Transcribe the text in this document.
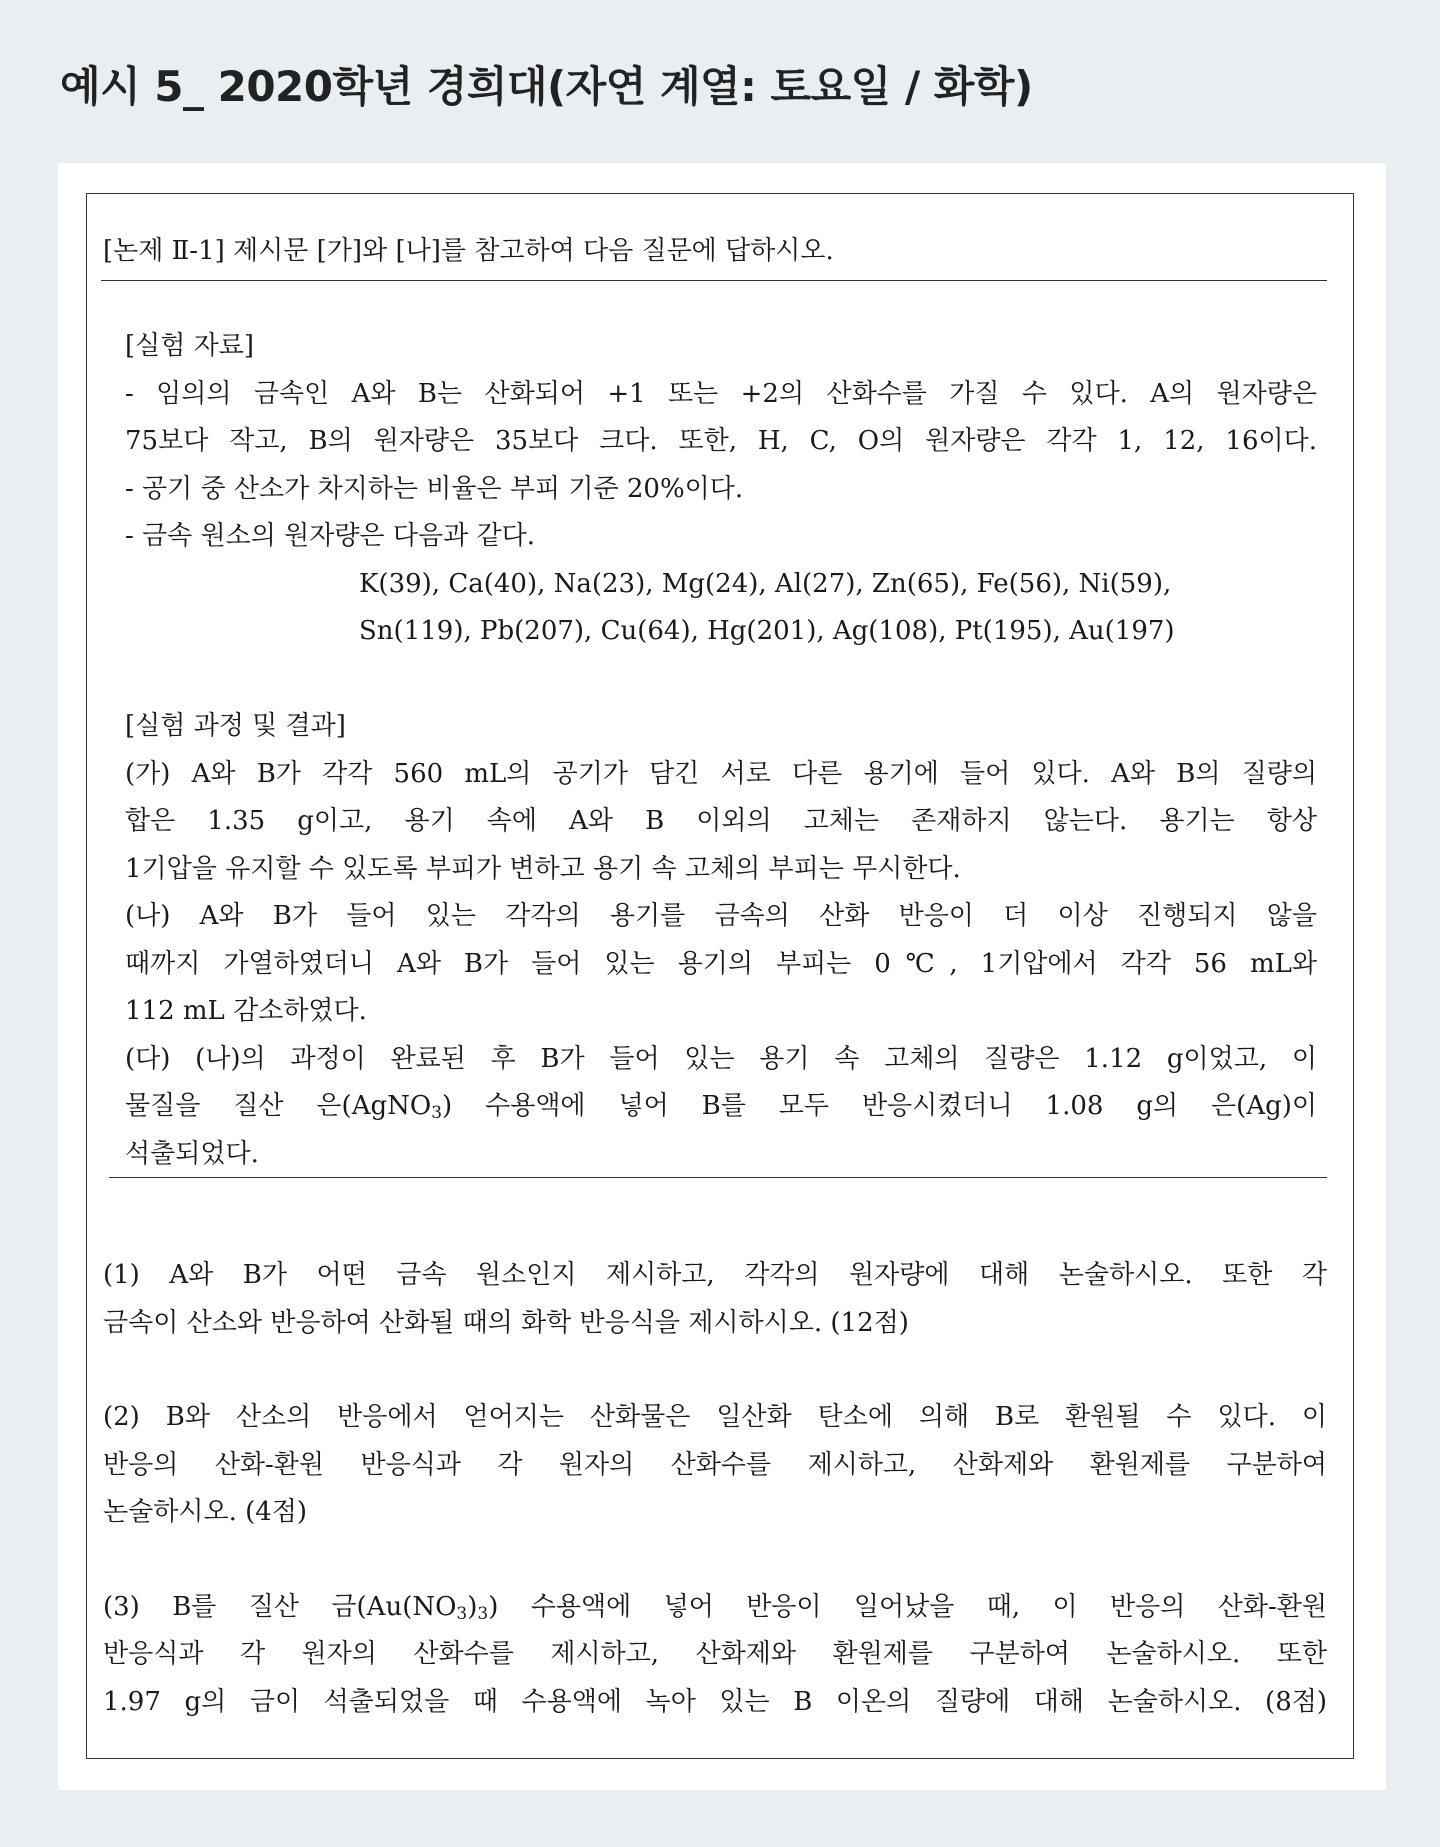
예시 5_ 2020학년 경희대(자연 계열: 토요일 / 화학)
[논제 Ⅱ-1] 제시문 [가]와 [나]를 참고하여 다음 질문에 답하시오.
[실험 자료]
- 임의의 금속인 A와 B는 산화되어 +1 또는 +2의 산화수를 가질 수 있다. A의 원자량은
75보다 작고, B의 원자량은 35보다 크다. 또한, H, C, O의 원자량은 각각 1, 12, 16이다.
- 공기 중 산소가 차지하는 비율은 부피 기준 20%이다.
- 금속 원소의 원자량은 다음과 같다.
K(39), Ca(40), Na(23), Mg(24), Al(27), Zn(65), Fe(56), Ni(59),
Sn(119), Pb(207), Cu(64), Hg(201), Ag(108), Pt(195), Au(197)
[실험 과정 및 결과]
(가) A와 B가 각각 560 mL의 공기가 담긴 서로 다른 용기에 들어 있다. A와 B의 질량의
합은 1.35 g이고, 용기 속에 A와 B 이외의 고체는 존재하지 않는다. 용기는 항상
1기압을 유지할 수 있도록 부피가 변하고 용기 속 고체의 부피는 무시한다.
(나) A와 B가 들어 있는 각각의 용기를 금속의 산화 반응이 더 이상 진행되지 않을
때까지 가열하였더니 A와 B가 들어 있는 용기의 부피는 0℃, 1기압에서 각각 56 mL와
112 mL 감소하였다.
(다) (나)의 과정이 완료된 후 B가 들어 있는 용기 속 고체의 질량은 1.12 g이었고, 이
물질을 질산 은(AgNO$_3$) 수용액에 넣어 B를 모두 반응시켰더니 1.08 g의 은(Ag)이
석출되었다.
(1) A와 B가 어떤 금속 원소인지 제시하고, 각각의 원자량에 대해 논술하시오. 또한 각
금속이 산소와 반응하여 산화될 때의 화학 반응식을 제시하시오. (12점)
(2) B와 산소의 반응에서 얻어지는 산화물은 일산화 탄소에 의해 B로 환원될 수 있다. 이
반응의 산화-환원 반응식과 각 원자의 산화수를 제시하고, 산화제와 환원제를 구분하여
논술하시오. (4점)
(3) B를 질산 금$(Au(NO_3)_3)$ 수용액에 넣어 반응이 일어났을 때, 이 반응의 산화-환원
반응식과 각 원자의 산화수를 제시하고, 산화제와 환원제를 구분하여 논술하시오. 또한
1.97 g의 금이 석출되었을 때 수용액에 녹아 있는 B 이온의 질량에 대해 논술하시오. (8점)
